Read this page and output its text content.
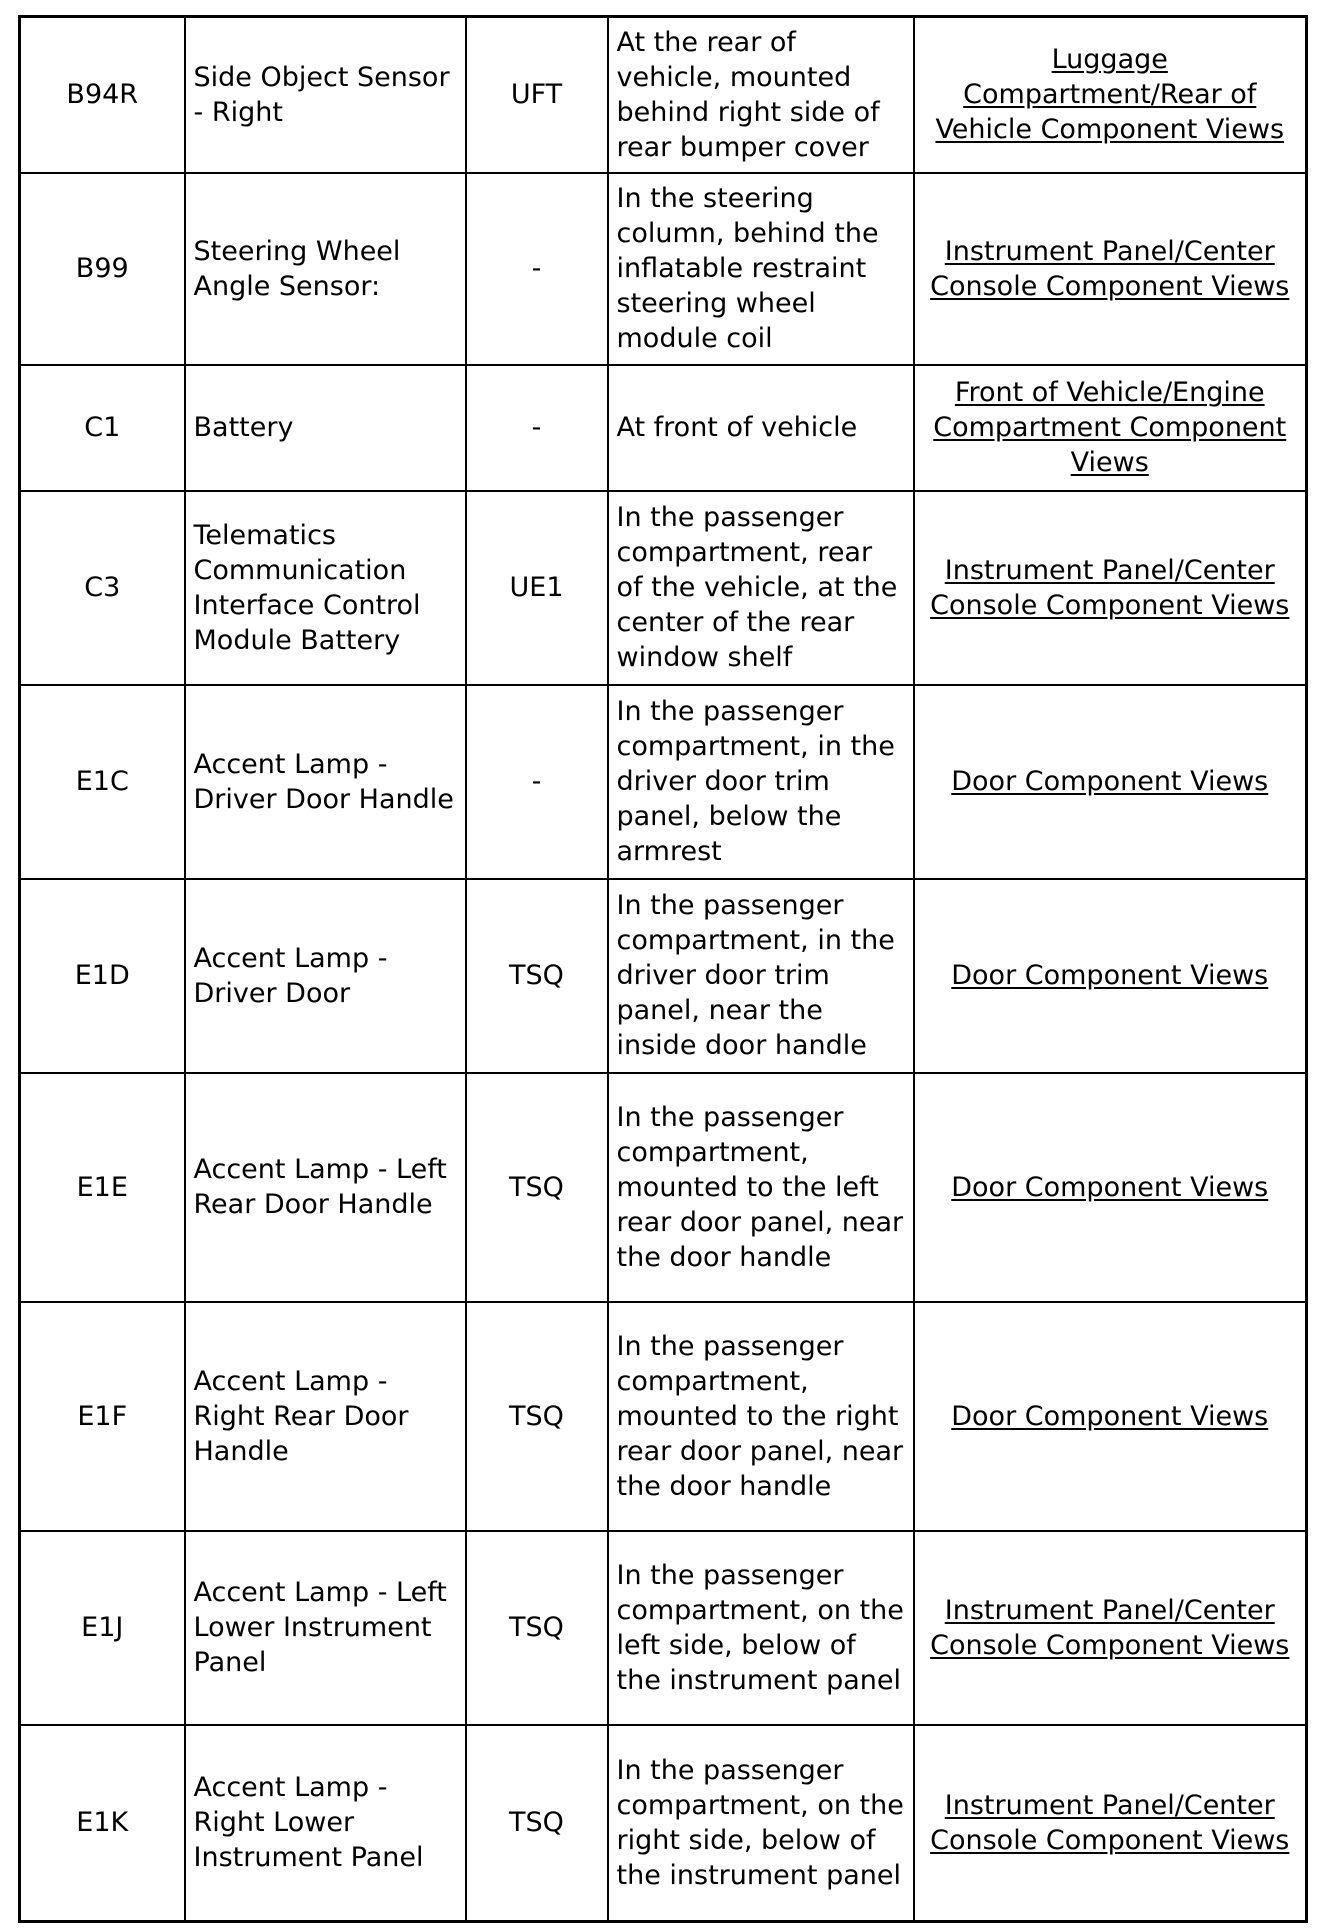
B94R	Side Object Sensor - Right	UFT	At the rear of vehicle, mounted behind right side of rear bumper cover	Luggage Compartment/Rear of Vehicle Component Views
B99	Steering Wheel Angle Sensor:	-	In the steering column, behind the inflatable restraint steering wheel module coil	Instrument Panel/Center Console Component Views
C1	Battery	-	At front of vehicle	Front of Vehicle/Engine Compartment Component Views
C3	Telematics Communication Interface Control Module Battery	UE1	In the passenger compartment, rear of the vehicle, at the center of the rear window shelf	Instrument Panel/Center Console Component Views
E1C	Accent Lamp - Driver Door Handle	-	In the passenger compartment, in the driver door trim panel, below the armrest	Door Component Views
E1D	Accent Lamp - Driver Door	TSQ	In the passenger compartment, in the driver door trim panel, near the inside door handle	Door Component Views
E1E	Accent Lamp - Left Rear Door Handle	TSQ	In the passenger compartment, mounted to the left rear door panel, near the door handle	Door Component Views
E1F	Accent Lamp - Right Rear Door Handle	TSQ	In the passenger compartment, mounted to the right rear door panel, near the door handle	Door Component Views
E1J	Accent Lamp - Left Lower Instrument Panel	TSQ	In the passenger compartment, on the left side, below of the instrument panel	Instrument Panel/Center Console Component Views
E1K	Accent Lamp - Right Lower Instrument Panel	TSQ	In the passenger compartment, on the right side, below of the instrument panel	Instrument Panel/Center Console Component Views
